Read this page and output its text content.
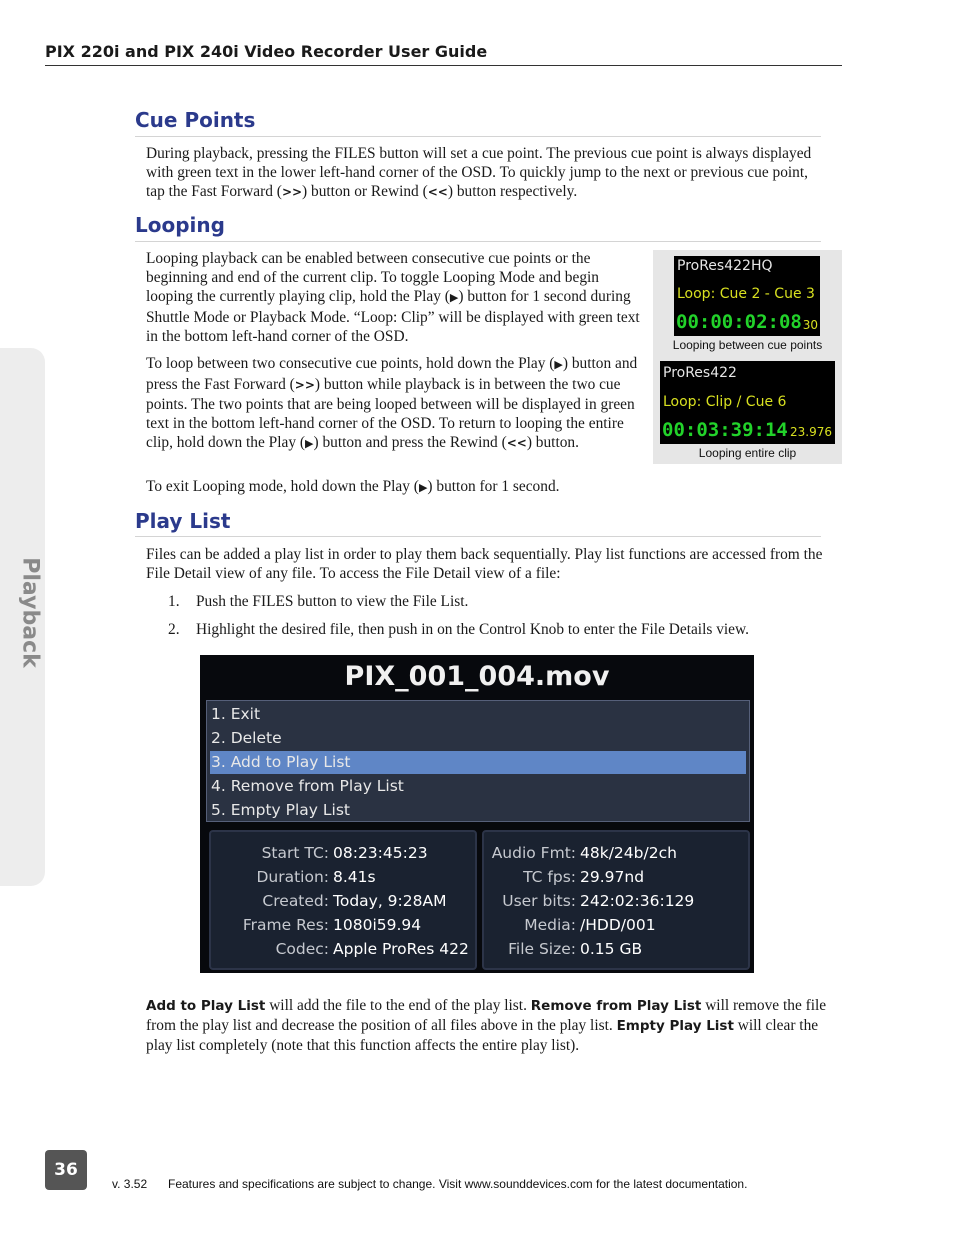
PIX 220i and PIX 240i Video Recorder User Guide
Playback
Cue Points

During playback, pressing the FILES button will set a cue point. The previous cue point is always displayed with green text in the lower left-hand corner of the OSD. To quickly jump to the next or previous cue point, tap the Fast Forward (>>) button or Rewind (<<) button respectively.

Looping

Looping playback can be enabled between consecutive cue points or the beginning and end of the current clip. To toggle Looping Mode and begin looping the currently playing clip, hold the Play (▶) button for 1 second during Shuttle Mode or Playback Mode. “Loop: Clip” will be displayed with green text in the bottom left-hand corner of the OSD.

To loop between two consecutive cue points, hold down the Play (▶) button and press the Fast Forward (>>) button while playback is in between the two cue points. The two points that are being looped between will be displayed in green text in the bottom left-hand corner of the OSD. To return to looping the entire clip, hold down the Play (▶) button and press the Rewind (<<) button.

To exit Looping mode, hold down the Play (▶) button for 1 second.

ProRes422HQ
Loop: Cue 2 - Cue 3
00:00:02:08 30
Looping between cue points
ProRes422
Loop: Clip / Cue 6
00:03:39:14 23.976
Looping entire clip
Play List

Files can be added a play list in order to play them back sequentially. Play list functions are accessed from the File Detail view of any file. To access the File Detail view of a file:

1. Push the FILES button to view the File List.

2. Highlight the desired file, then push in on the Control Knob to enter the File Details view.

PIX_001_004.mov
1. Exit
2. Delete
3. Add to Play List
4. Remove from Play List
5. Empty Play List
Start TC: 08:23:45:23
Duration: 8.41s
Created: Today, 9:28AM
Frame Res: 1080i59.94
Codec: Apple ProRes 422
Audio Fmt: 48k/24b/2ch
TC fps: 29.97nd
User bits: 242:02:36:129
Media: /HDD/001
File Size: 0.15 GB

Add to Play List will add the file to the end of the play list. Remove from Play List will remove the file from the play list and decrease the position of all files above in the play list. Empty Play List will clear the play list completely (note that this function affects the entire play list).

36
v. 3.52 Features and specifications are subject to change. Visit www.sounddevices.com for the latest documentation.
